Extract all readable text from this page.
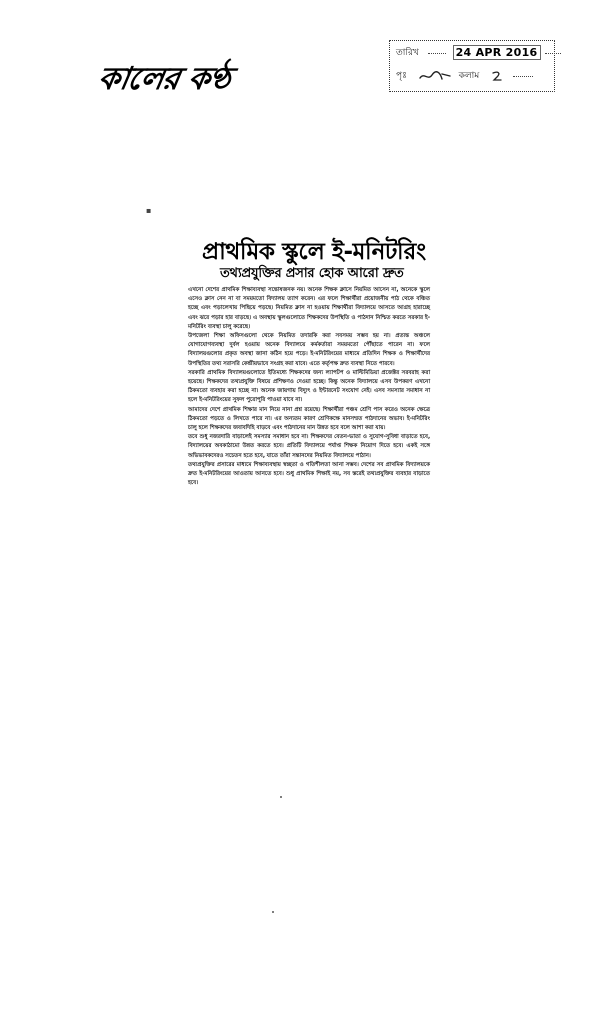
কালের কণ্ঠ
তারিখ	24 APR 2016
পৃঃ	কলাম
▪
প্রাথমিক স্কুলে ই-মনিটরিং
তথ্যপ্রযুক্তির প্রসার হোক আরো দ্রুত

এখনো দেশের প্রাথমিক শিক্ষাব্যবস্থা সন্তোষজনক নয়। অনেক শিক্ষক ক্লাসে নিয়মিত আসেন না, অনেকে স্কুলে এসেও ক্লাস নেন না বা সময়মতো বিদ্যালয় ত্যাগ করেন। এর ফলে শিক্ষার্থীরা প্রয়োজনীয় পাঠ থেকে বঞ্চিত হচ্ছে এবং পড়ালেখায় পিছিয়ে পড়ছে। নিয়মিত ক্লাস না হওয়ায় শিক্ষার্থীরা বিদ্যালয়ে আসতে আগ্রহ হারাচ্ছে এবং ঝরে পড়ার হার বাড়ছে। এ অবস্থায় স্কুলগুলোতে শিক্ষকদের উপস্থিতি ও পাঠদান নিশ্চিত করতে সরকার ই-মনিটরিং ব্যবস্থা চালু করেছে।

উপজেলা শিক্ষা অফিসগুলো থেকে নিয়মিত তদারকি করা সবসময় সম্ভব হয় না। প্রত্যন্ত অঞ্চলে যোগাযোগব্যবস্থা দুর্বল হওয়ায় অনেক বিদ্যালয়ে কর্মকর্তারা সময়মতো পৌঁছাতে পারেন না। ফলে বিদ্যালয়গুলোর প্রকৃত অবস্থা জানা কঠিন হয়ে পড়ে। ই-মনিটরিংয়ের মাধ্যমে প্রতিদিন শিক্ষক ও শিক্ষার্থীদের উপস্থিতির তথ্য সরাসরি কেন্দ্রীয়ভাবে সংগ্রহ করা যাবে। এতে কর্তৃপক্ষ দ্রুত ব্যবস্থা নিতে পারবে।

সরকারি প্রাথমিক বিদ্যালয়গুলোতে ইতিমধ্যে শিক্ষকদের জন্য ল্যাপটপ ও মাল্টিমিডিয়া প্রজেক্টর সরবরাহ করা হয়েছে। শিক্ষকদের তথ্যপ্রযুক্তি বিষয়ে প্রশিক্ষণও দেওয়া হচ্ছে। কিন্তু অনেক বিদ্যালয়ে এসব উপকরণ এখনো ঠিকমতো ব্যবহার করা হচ্ছে না। অনেক জায়গায় বিদ্যুৎ ও ইন্টারনেট সংযোগ নেই। এসব সমস্যার সমাধান না হলে ই-মনিটরিংয়ের সুফল পুরোপুরি পাওয়া যাবে না।

আমাদের দেশে প্রাথমিক শিক্ষার মান নিয়ে নানা প্রশ্ন রয়েছে। শিক্ষার্থীরা পঞ্চম শ্রেণি পাস করেও অনেক ক্ষেত্রে ঠিকমতো পড়তে ও লিখতে পারে না। এর অন্যতম কারণ শ্রেণিকক্ষে মানসম্মত পাঠদানের অভাব। ই-মনিটরিং চালু হলে শিক্ষকদের জবাবদিহি বাড়বে এবং পাঠদানের মান উন্নত হবে বলে আশা করা যায়।

তবে শুধু নজরদারি বাড়ালেই সমস্যার সমাধান হবে না। শিক্ষকদের বেতন-ভাতা ও সুযোগ-সুবিধা বাড়াতে হবে, বিদ্যালয়ের অবকাঠামো উন্নত করতে হবে। প্রতিটি বিদ্যালয়ে পর্যাপ্ত শিক্ষক নিয়োগ দিতে হবে। একই সঙ্গে অভিভাবকদেরও সচেতন হতে হবে, যাতে তাঁরা সন্তানদের নিয়মিত বিদ্যালয়ে পাঠান।

তথ্যপ্রযুক্তির প্রসারের মাধ্যমে শিক্ষাব্যবস্থায় স্বচ্ছতা ও গতিশীলতা আনা সম্ভব। দেশের সব প্রাথমিক বিদ্যালয়কে দ্রুত ই-মনিটরিংয়ের আওতায় আনতে হবে। শুধু প্রাথমিক শিক্ষাই নয়, সব স্তরেই তথ্যপ্রযুক্তির ব্যবহার বাড়াতে হবে।
